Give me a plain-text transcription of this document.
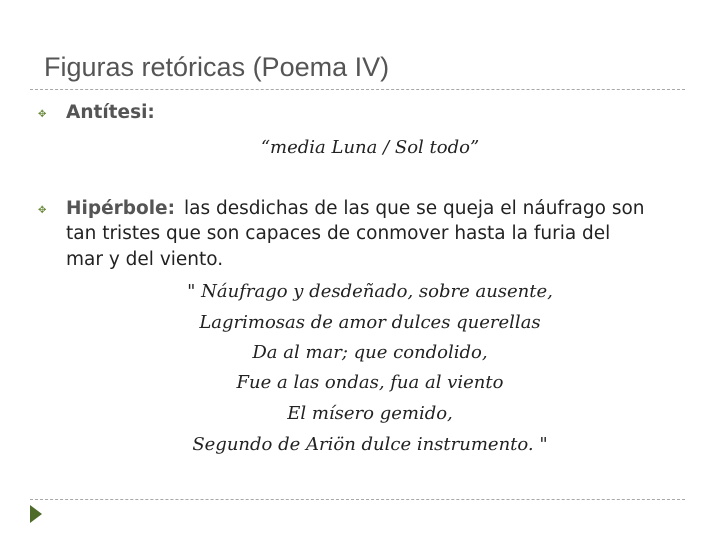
Figuras retóricas (Poema IV)
✥ Antítesi:
“media Luna / Sol todo”
✥ Hipérbole: las desdichas de las que se queja el náufrago son
tan tristes que son capaces de conmover hasta la furia del
mar y del viento.
" Náufrago y desdeñado, sobre ausente,
Lagrimosas de amor dulces querellas
Da al mar; que condolido,
Fue a las ondas, fua al viento
El mísero gemido,
Segundo de Ariön dulce instrumento. "
